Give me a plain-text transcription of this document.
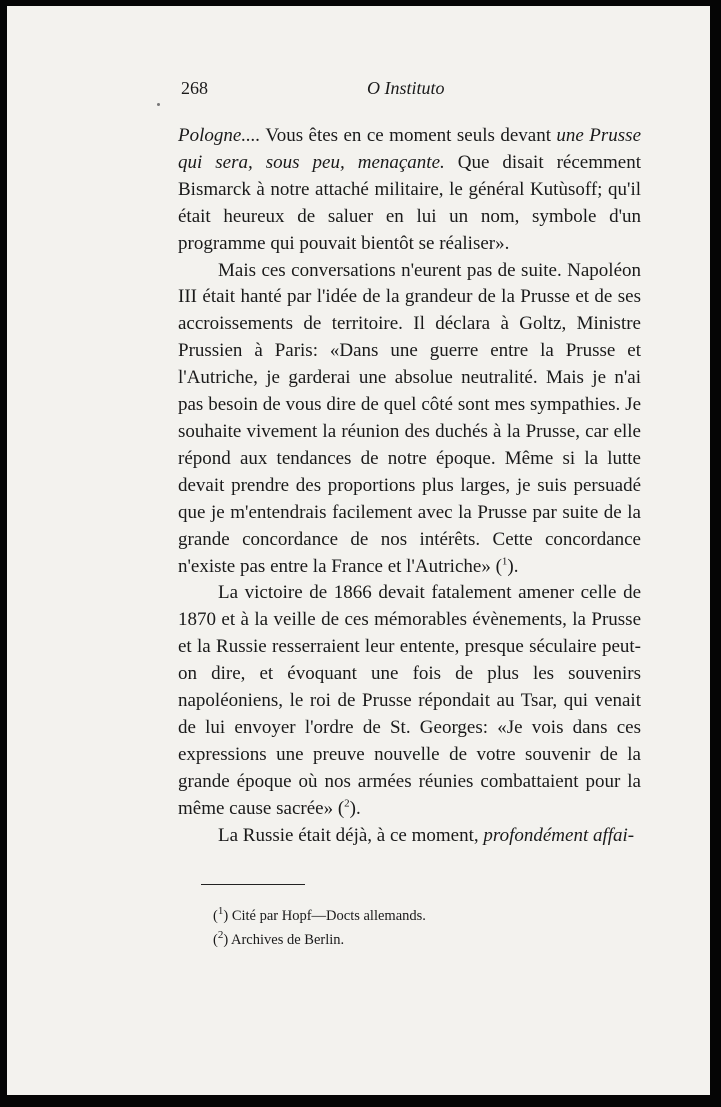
268	O Instituto

Pologne.... Vous êtes en ce moment seuls devant une Prusse qui sera, sous peu, menaçante. Que disait récemment Bismarck à notre attaché militaire, le général Kutùsoff; qu'il était heureux de saluer en lui un nom, symbole d'un programme qui pouvait bientôt se réaliser».

Mais ces conversations n'eurent pas de suite. Napoléon III était hanté par l'idée de la grandeur de la Prusse et de ses accroissements de territoire. Il déclara à Goltz, Ministre Prussien à Paris: «Dans une guerre entre la Prusse et l'Autriche, je garderai une absolue neutralité. Mais je n'ai pas besoin de vous dire de quel côté sont mes sympathies. Je souhaite vivement la réunion des duchés à la Prusse, car elle répond aux tendances de notre époque. Même si la lutte devait prendre des proportions plus larges, je suis persuadé que je m'entendrais facilement avec la Prusse par suite de la grande concordance de nos intérêts. Cette concordance n'existe pas entre la France et l'Autriche» ($^1$).

La victoire de 1866 devait fatalement amener celle de 1870 et à la veille de ces mémorables évènements, la Prusse et la Russie resserraient leur entente, presque séculaire peut-on dire, et évoquant une fois de plus les souvenirs napoléoniens, le roi de Prusse répondait au Tsar, qui venait de lui envoyer l'ordre de St. Georges: «Je vois dans ces expressions une preuve nouvelle de votre souvenir de la grande époque où nos armées réunies combattaient pour la même cause sacrée» ($^2$).

La Russie était déjà, à ce moment, profondément affai-

($^1$) Cité par Hopf—Docts allemands.

($^2$) Archives de Berlin.
